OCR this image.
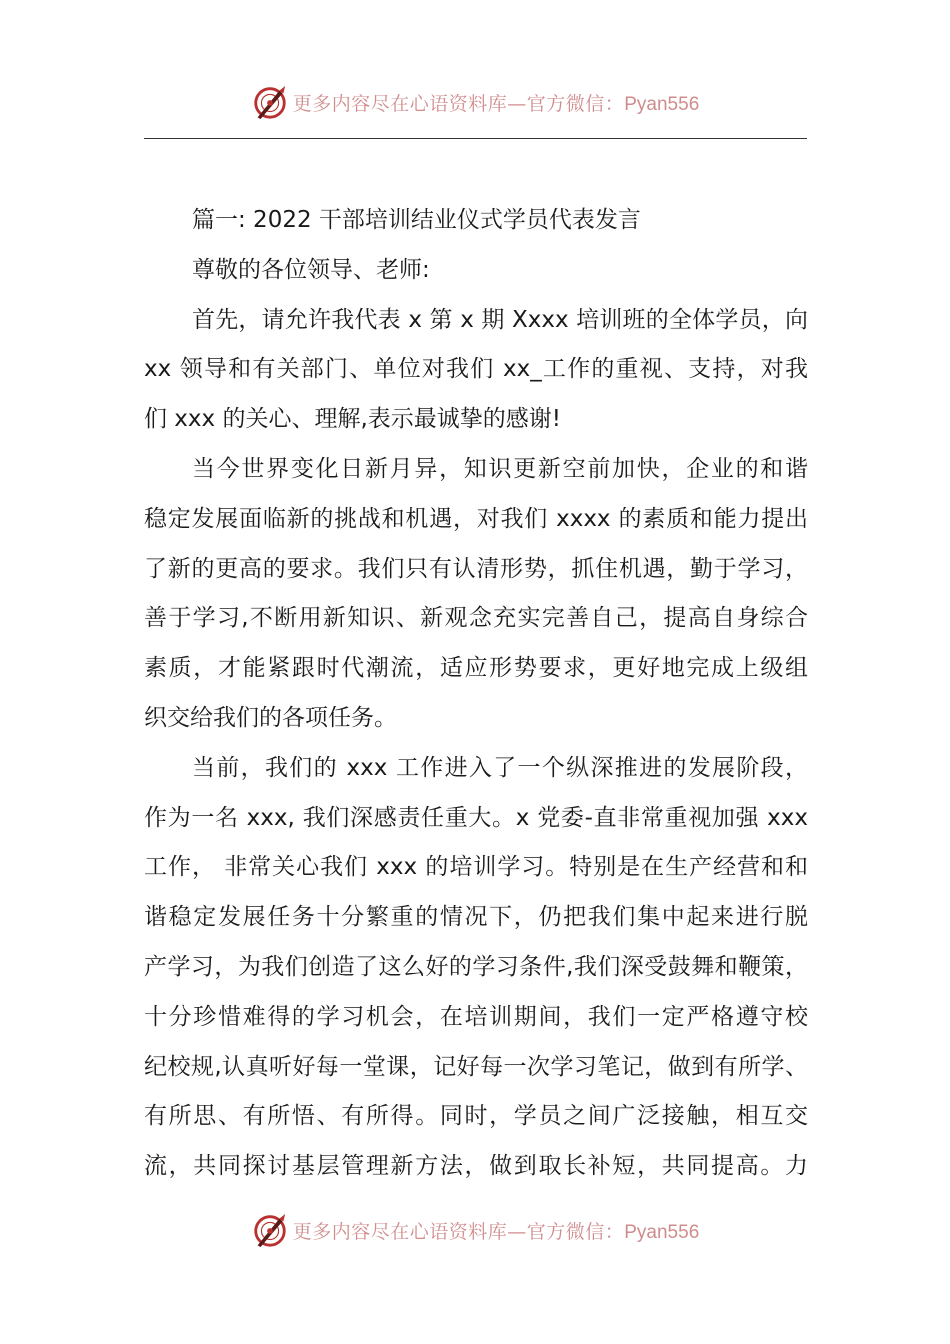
更多内容尽在心语资料库—官方微信：Pyan556
篇一: 2022 干部培训结业仪式学员代表发言
尊敬的各位领导、老师:
首先，请允许我代表 x 第 x 期 Xxxx 培训班的全体学员，向
xx 领导和有关部门、单位对我们 xx_工作的重视、支持，对我
们 xxx 的关心、理解,表示最诚挚的感谢!
当今世界变化日新月异，知识更新空前加快，企业的和谐
稳定发展面临新的挑战和机遇，对我们 xxxx 的素质和能力提出
了新的更高的要求。我们只有认清形势，抓住机遇，勤于学习，
善于学习,不断用新知识、新观念充实完善自己，提高自身综合
素质，才能紧跟时代潮流，适应形势要求，更好地完成上级组
织交给我们的各项任务。
当前，我们的 xxx 工作进入了一个纵深推进的发展阶段，
作为一名 xxx, 我们深感责任重大。x 党委-直非常重视加强 xxx
工作， 非常关心我们 xxx 的培训学习。特别是在生产经营和和
谐稳定发展任务十分繁重的情况下，仍把我们集中起来进行脱
产学习，为我们创造了这么好的学习条件,我们深受鼓舞和鞭策，
十分珍惜难得的学习机会，在培训期间，我们一定严格遵守校
纪校规,认真听好每一堂课，记好每一次学习笔记，做到有所学、
有所思、有所悟、有所得。同时，学员之间广泛接触，相互交
流，共同探讨基层管理新方法，做到取长补短，共同提高。力
更多内容尽在心语资料库—官方微信：Pyan556
